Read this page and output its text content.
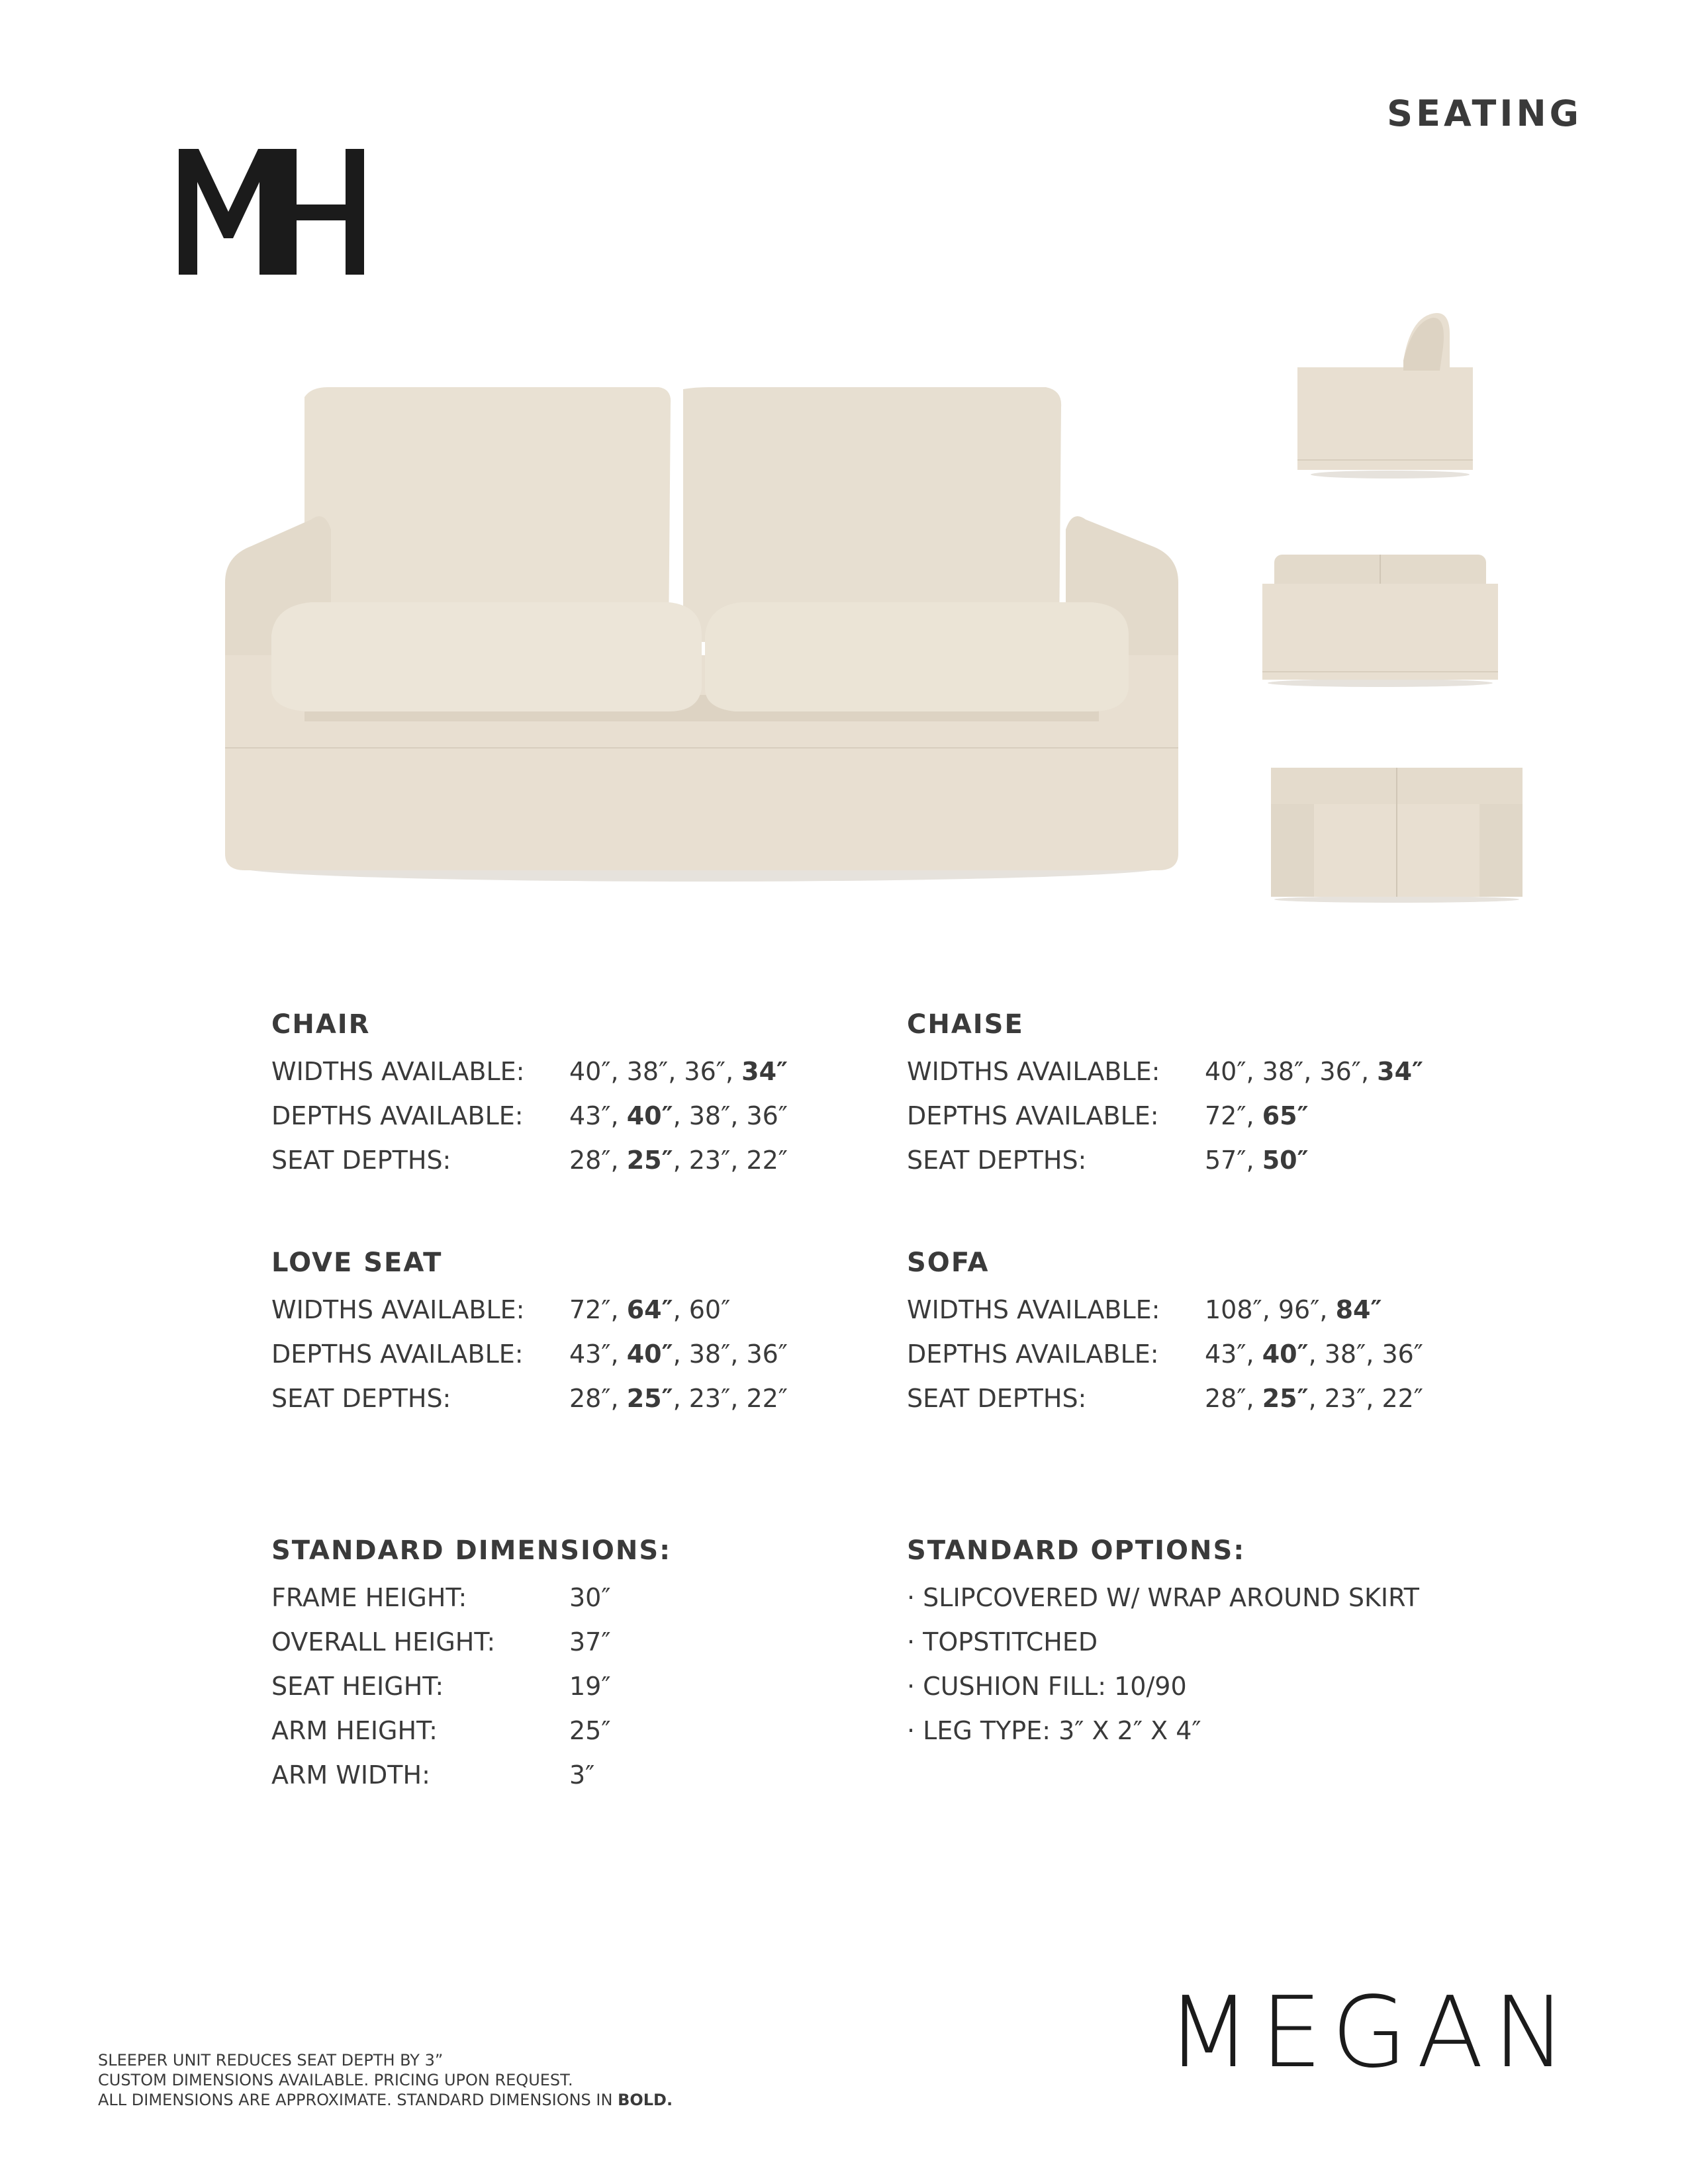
SEATING
CHAIR
WIDTHS AVAILABLE:	40″, 38″, 36″, 34″
DEPTHS AVAILABLE:	43″, 40″, 38″, 36″
SEAT DEPTHS:	28″, 25″, 23″, 22″
CHAISE
WIDTHS AVAILABLE:	40″, 38″, 36″, 34″
DEPTHS AVAILABLE:	72″, 65″
SEAT DEPTHS:	57″, 50″
LOVE SEAT
WIDTHS AVAILABLE:	72″, 64″, 60″
DEPTHS AVAILABLE:	43″, 40″, 38″, 36″
SEAT DEPTHS:	28″, 25″, 23″, 22″
SOFA
WIDTHS AVAILABLE:	108″, 96″, 84″
DEPTHS AVAILABLE:	43″, 40″, 38″, 36″
SEAT DEPTHS:	28″, 25″, 23″, 22″
STANDARD DIMENSIONS:
FRAME HEIGHT:	30″
OVERALL HEIGHT:	37″
SEAT HEIGHT:	19″
ARM HEIGHT:	25″
ARM WIDTH:	3″
STANDARD OPTIONS:
· SLIPCOVERED W/ WRAP AROUND SKIRT
· TOPSTITCHED
· CUSHION FILL: 10/90
· LEG TYPE: 3″ X 2″ X 4″
MEGAN
SLEEPER UNIT REDUCES SEAT DEPTH BY 3”
CUSTOM DIMENSIONS AVAILABLE. PRICING UPON REQUEST.
ALL DIMENSIONS ARE APPROXIMATE. STANDARD DIMENSIONS IN BOLD.
